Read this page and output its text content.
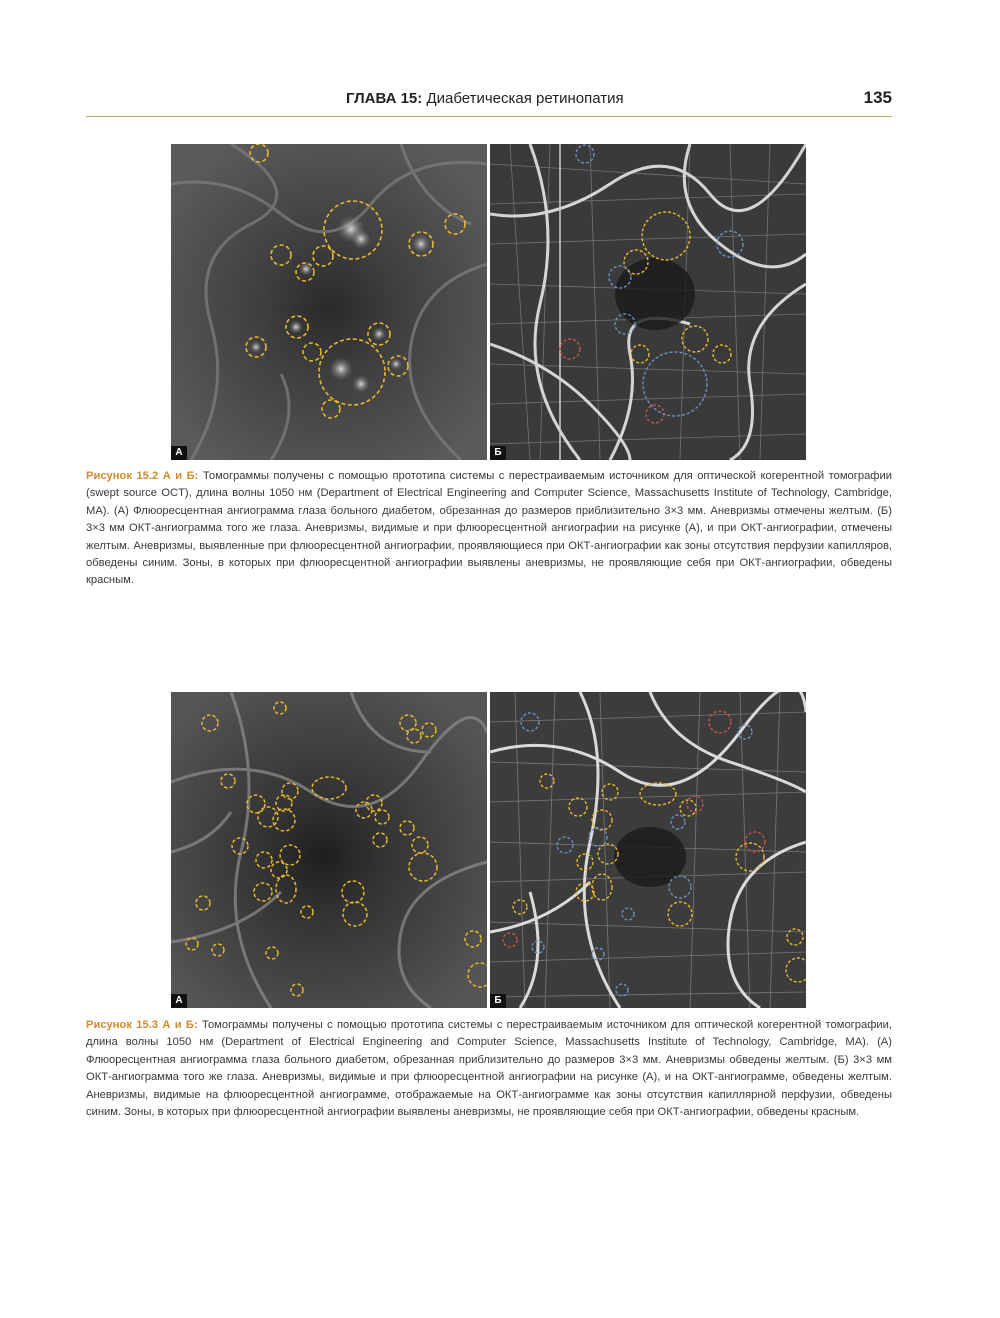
ГЛАВА 15: Диабетическая ретинопатия	135
А	Б
Рисунок 15.2 А и Б: Томограммы получены с помощью прототипа системы с перестраиваемым источником для оптической когерентной томографии (swept source OCT), длина волны 1050 нм (Department of Electrical Engineering and Computer Science, Massachusetts Institute of Technology, Cambridge, MA). (А) Флюоресцентная ангиограмма глаза больного диабетом, обрезанная до размеров приблизительно 3×3 мм. Аневризмы отмечены желтым. (Б) 3×3 мм ОКТ-ангиограмма того же глаза. Аневризмы, видимые и при флюоресцентной ангиографии на рисунке (А), и при ОКТ-ангиографии, отмечены желтым. Аневризмы, выявленные при флюоресцентной ангиографии, проявляющиеся при ОКТ-ангиографии как зоны отсутствия перфузии капилляров, обведены синим. Зоны, в которых при флюоресцентной ангиографии выявлены аневризмы, не проявляющие себя при ОКТ-ангиографии, обведены красным.
А	Б
Рисунок 15.3 А и Б: Томограммы получены с помощью прототипа системы с перестраиваемым источником для оптической когерентной томографии, длина волны 1050 нм (Department of Electrical Engineering and Computer Science, Massachusetts Institute of Technology, Cambridge, MA). (А) Флюоресцентная ангиограмма глаза больного диабетом, обрезанная приблизительно до размеров 3×3 мм. Аневризмы обведены желтым. (Б) 3×3 мм ОКТ-ангиограмма того же глаза. Аневризмы, видимые и при флюоресцентной ангиографии на рисунке (А), и на ОКТ-ангиограмме, обведены желтым. Аневризмы, видимые на флюоресцентной ангиограмме, отображаемые на ОКТ-ангиограмме как зоны отсутствия капиллярной перфузии, обведены синим. Зоны, в которых при флюоресцентной ангиографии выявлены аневризмы, не проявляющие себя при ОКТ-ангиографии, обведены красным.
